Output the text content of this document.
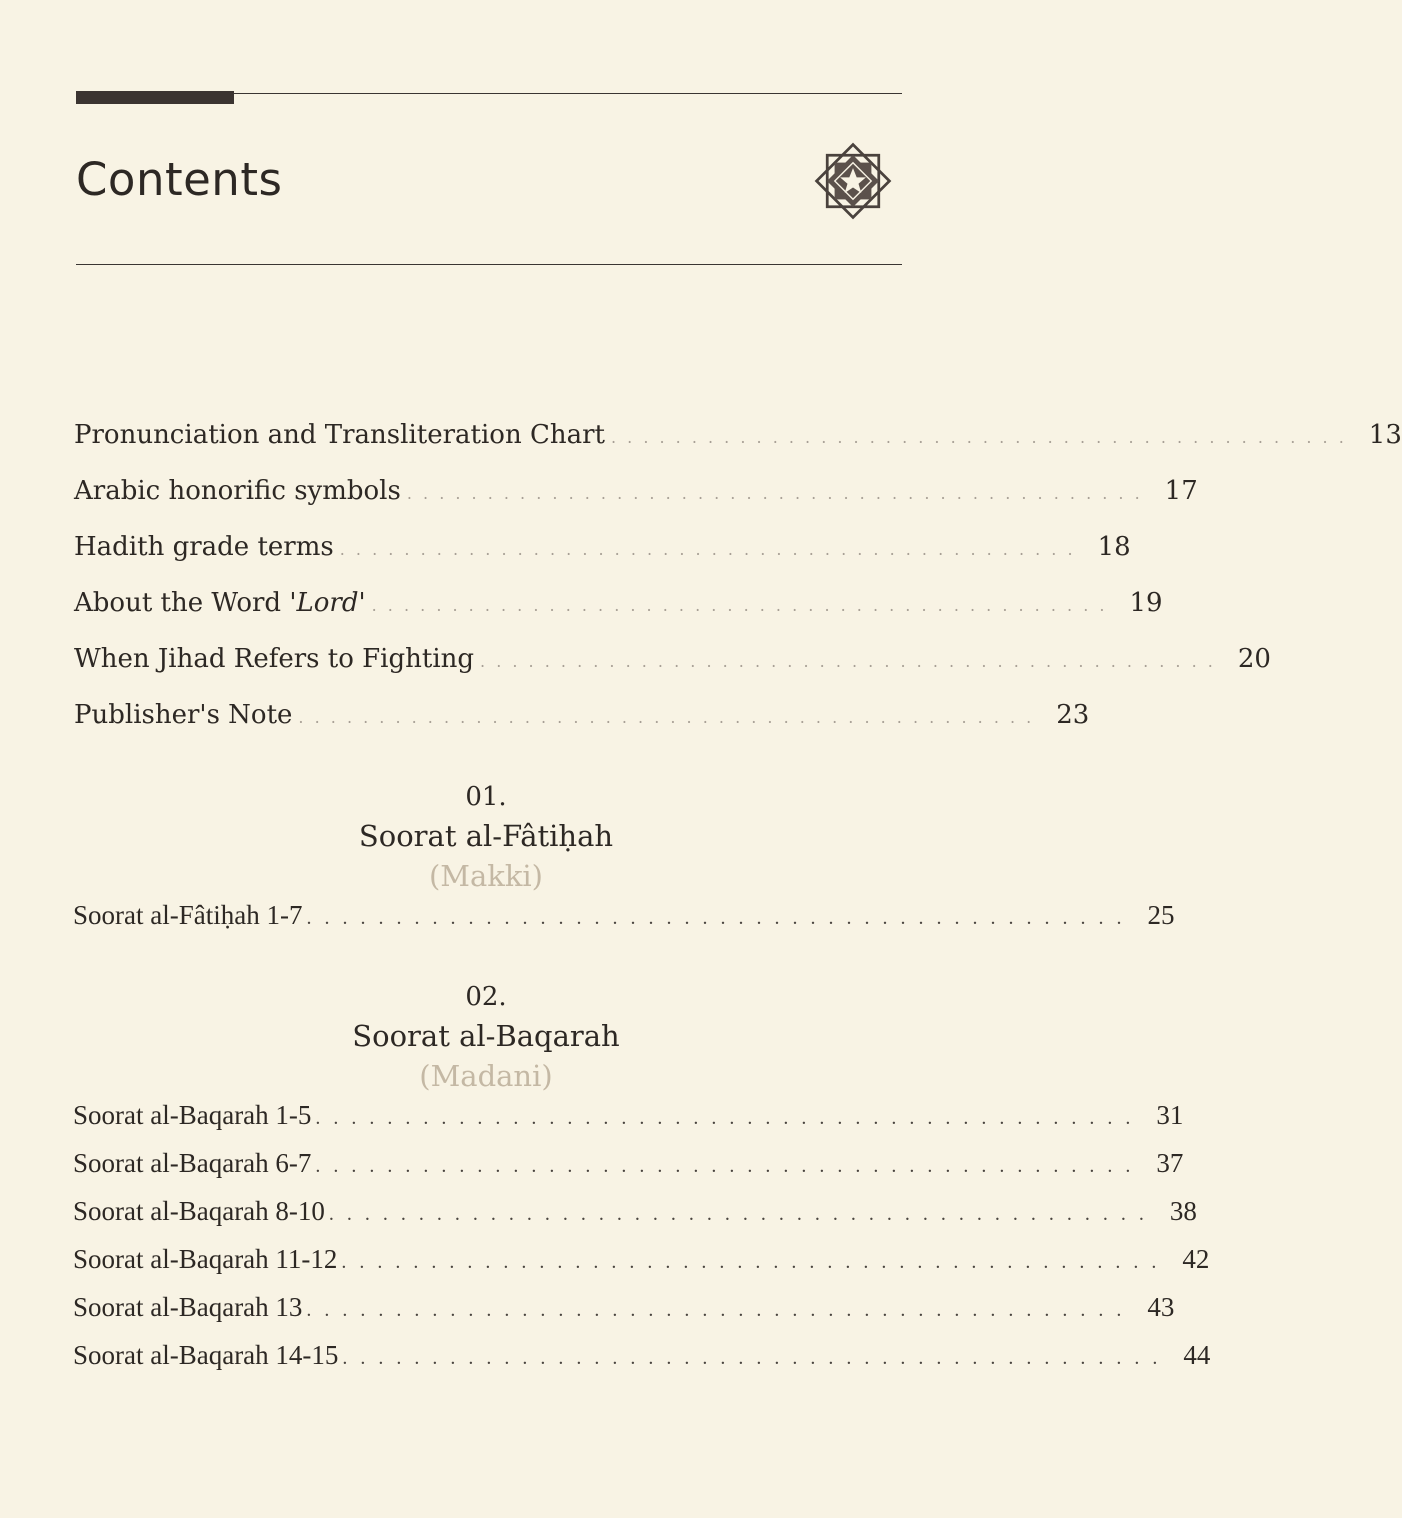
Contents
Pronunciation and Transliteration Chart . . . . . . . . . . . . . . . . . . . . . . . . . . . . . . . . . . . . . . . . . . . . . . 13
Arabic honorific symbols . . . . . . . . . . . . . . . . . . . . . . . . . . . . . . . . . . . . . . . . . . . . . . 17
Hadith grade terms . . . . . . . . . . . . . . . . . . . . . . . . . . . . . . . . . . . . . . . . . . . . . . 18
About the Word 'Lord' . . . . . . . . . . . . . . . . . . . . . . . . . . . . . . . . . . . . . . . . . . . . . . 19
When Jihad Refers to Fighting . . . . . . . . . . . . . . . . . . . . . . . . . . . . . . . . . . . . . . . . . . . . . . 20
Publisher's Note . . . . . . . . . . . . . . . . . . . . . . . . . . . . . . . . . . . . . . . . . . . . . . 23
01.
Soorat al-Fâtiḥah
(Makki)
Soorat al-Fâtiḥah 1-7 . . . . . . . . . . . . . . . . . . . . . . . . . . . . . . . . . . . . . . . . . . . . . . 25
02.
Soorat al-Baqarah
(Madani)
Soorat al-Baqarah 1-5 . . . . . . . . . . . . . . . . . . . . . . . . . . . . . . . . . . . . . . . . . . . . . . 31
Soorat al-Baqarah 6-7 . . . . . . . . . . . . . . . . . . . . . . . . . . . . . . . . . . . . . . . . . . . . . . 37
Soorat al-Baqarah 8-10 . . . . . . . . . . . . . . . . . . . . . . . . . . . . . . . . . . . . . . . . . . . . . . 38
Soorat al-Baqarah 11-12 . . . . . . . . . . . . . . . . . . . . . . . . . . . . . . . . . . . . . . . . . . . . . . 42
Soorat al-Baqarah 13 . . . . . . . . . . . . . . . . . . . . . . . . . . . . . . . . . . . . . . . . . . . . . . 43
Soorat al-Baqarah 14-15 . . . . . . . . . . . . . . . . . . . . . . . . . . . . . . . . . . . . . . . . . . . . . . 44
